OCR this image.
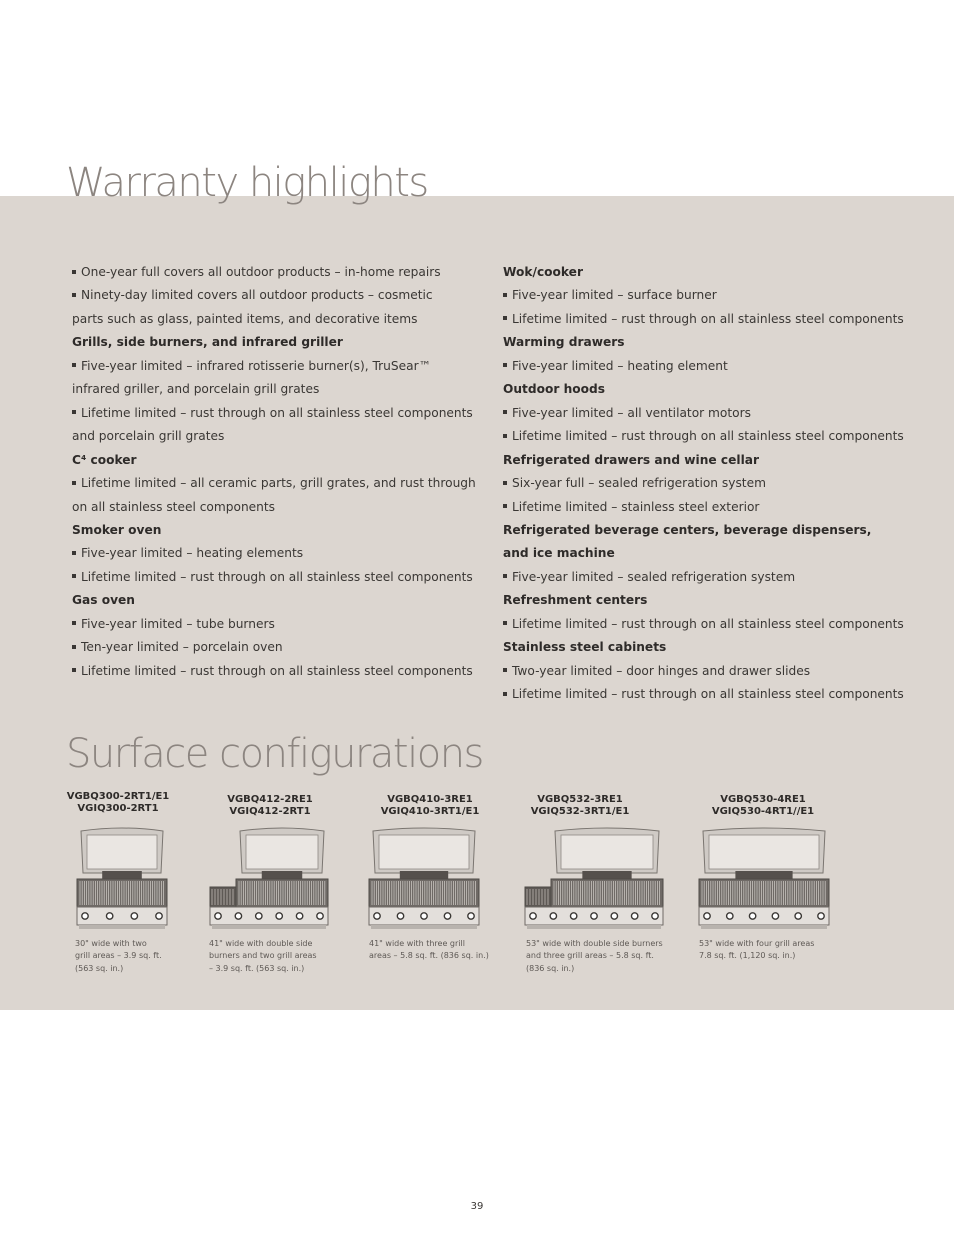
Warranty highlights
One-year full covers all outdoor products – in-home repairs
Ninety-day limited covers all outdoor products – cosmetic
parts such as glass, painted items, and decorative items
Grills, side burners, and infrared griller
Five-year limited – infrared rotisserie burner(s), TruSear™
infrared griller, and porcelain grill grates
Lifetime limited – rust through on all stainless steel components
and porcelain grill grates
C⁴ cooker
Lifetime limited – all ceramic parts, grill grates, and rust through
on all stainless steel components
Smoker oven
Five-year limited – heating elements
Lifetime limited – rust through on all stainless steel components
Gas oven
Five-year limited – tube burners
Ten-year limited – porcelain oven
Lifetime limited – rust through on all stainless steel components
Wok/cooker
Five-year limited – surface burner
Lifetime limited – rust through on all stainless steel components
Warming drawers
Five-year limited – heating element
Outdoor hoods
Five-year limited – all ventilator motors
Lifetime limited – rust through on all stainless steel components
Refrigerated drawers and wine cellar
Six-year full – sealed refrigeration system
Lifetime limited – stainless steel exterior
Refrigerated beverage centers, beverage dispensers,
and ice machine
Five-year limited – sealed refrigeration system
Refreshment centers
Lifetime limited – rust through on all stainless steel components
Stainless steel cabinets
Two-year limited – door hinges and drawer slides
Lifetime limited – rust through on all stainless steel components
Surface configurations
VGBQ300-2RT1/E1
VGIQ300-2RT1
30" wide with two
grill areas – 3.9 sq. ft.
(563 sq. in.)
VGBQ412-2RE1
VGIQ412-2RT1
41" wide with double side
burners and two grill areas
– 3.9 sq. ft. (563 sq. in.)
VGBQ410-3RE1
VGIQ410-3RT1/E1
41" wide with three grill
areas – 5.8 sq. ft. (836 sq. in.)
VGBQ532-3RE1
VGIQ532-3RT1/E1
53" wide with double side burners
and three grill areas – 5.8 sq. ft.
(836 sq. in.)
VGBQ530-4RE1
VGIQ530-4RT1//E1
53" wide with four grill areas
7.8 sq. ft. (1,120 sq. in.)
39
